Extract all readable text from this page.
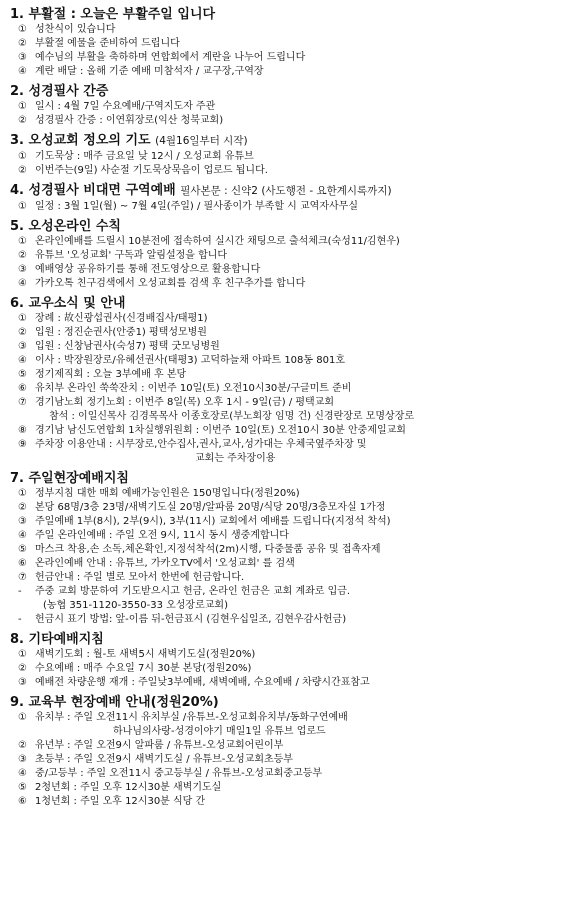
1. 부활절 : 오늘은 부활주일 입니다
① 성찬식이 있습니다
② 부활절 예물을 준비하여 드립니다
③ 예수님의 부활을 축하하며 연합회에서 계란을 나누어 드립니다
④ 계란 배달 : 올해 기준 예배 미참석자 / 교구장,구역장
2. 성경필사 간증
① 일시 : 4월 7일 수요예배/구역지도자 주관
② 성경필사 간증 : 이연휘장로(익산 청북교회)
3. 오성교회 정오의 기도 (4월16일부터 시작)
① 기도묵상 : 매주 금요일 낮 12시 / 오성교회 유튜브
② 이번주는(9일) 사순절 기도묵상묵음이 업로드 됩니다.
4. 성경필사 비대면 구역예배 필사본문 : 신약2 (사도행전 - 요한계시록까지)
① 일정 : 3월 1일(월) ~ 7월 4일(주일) / 필사종이가 부족할 시 교역자사무실
5. 오성온라인 수칙
① 온라인예배를 드릴시 10분전에 접속하여 실시간 채팅으로 출석체크(숙성11/김현우)
② 유튜브 '오성교회' 구독과 알림설정을 합니다
③ 예배영상 공유하기를 통해 전도영상으로 활용합니다
④ 가카오톡 친구검색에서 오성교회를 검색 후 친구추가를 합니다
6. 교우소식 및 안내
① 장례 : 故신광섭권사(신경배집사/태평1)
② 입원 : 정진순권사(안중1) 평택성모병원
③ 입원 : 신창남권사(숙성7) 평택 굿모닝병원
④ 이사 : 박장원장로/유혜선권사(태평3) 고덕하늘채 아파트 108동 801호
⑤ 정기제직회 : 오늘 3부예배 후 본당
⑥ 유치부 온라인 쑥쑥잔치 : 이번주 10일(토) 오전10시30분/구글미트 준비
⑦ 경기남노회 정기노회 : 이번주 8일(목) 오후 1시 - 9일(금) / 평택교회
참석 : 이일신목사 김경목목사 이종호장로(부노회장 임명 건) 신경란장로 모명상장로
⑧ 경기남 남신도연합회 1차실행위원회 : 이번주 10일(토) 오전10시 30분 안중제일교회
⑨ 주차장 이용안내 : 시무장로,안수집사,권사,교사,성가대는 우체국옆주차장 및
교회는 주차장이용
7. 주일현장예배지침
① 정부지침 대한 매회 예배가능인원은 150명입니다(정원20%)
② 본당 68명/3층 23명/새벽기도실 20명/알파룸 20명/식당 20명/3층모자실 1가정
③ 주일예배 1부(8시), 2부(9시), 3부(11시) 교회에서 예배를 드립니다(지정석 착석)
④ 주일 온라인예배 : 주일 오전 9시, 11시 동시 생중계합니다
⑤ 마스크 착용,손 소독,체온확인,지정석착석(2m)시행, 다중물품 공유 및 접촉자제
⑥ 온라인예배 안내 : 유튜브, 가카오TV에서 '오성교회' 를 검색
⑦ 헌금안내 : 주일 별로 모아서 한번에 헌금합니다.
-	주중 교회 방문하여 기도받으시고 헌금, 온라인 헌금은 교회 계좌로 입금.
(농협 351-1120-3550-33 오성장로교회)
-	헌금시 표기 방법: 앞-이름 뒤-헌금표시 (김현우십일조, 김현우감사헌금)
8. 기타예배지침
① 새벽기도회 : 월-토 새벽5시 새벽기도실(정원20%)
② 수요예배 : 매주 수요일 7시 30분 본당(정원20%)
③ 예배전 차량운행 재개 : 주일낮3부예배, 새벽예배, 수요예배 / 차량시간표참고
9. 교육부 현장예배 안내(정원20%)
① 유치부 : 주일 오전11시 유치부실 /유튜브-오성교회유치부/동화구연예배
하나님의사랑-성경이야기 매일1일 유튜브 업로드
② 유년부 : 주일 오전9시 알파룸 / 유튜브-오성교회어린이부
③ 초등부 : 주일 오전9시 새벽기도실 / 유튜브-오성교회초등부
④ 중/고등부 : 주일 오전11시 중고등부실 / 유튜브-오성교회중고등부
⑤ 2청년회 : 주일 오후 12시30분 새벽기도실
⑥ 1청년회 : 주일 오후 12시30분 식당 간
